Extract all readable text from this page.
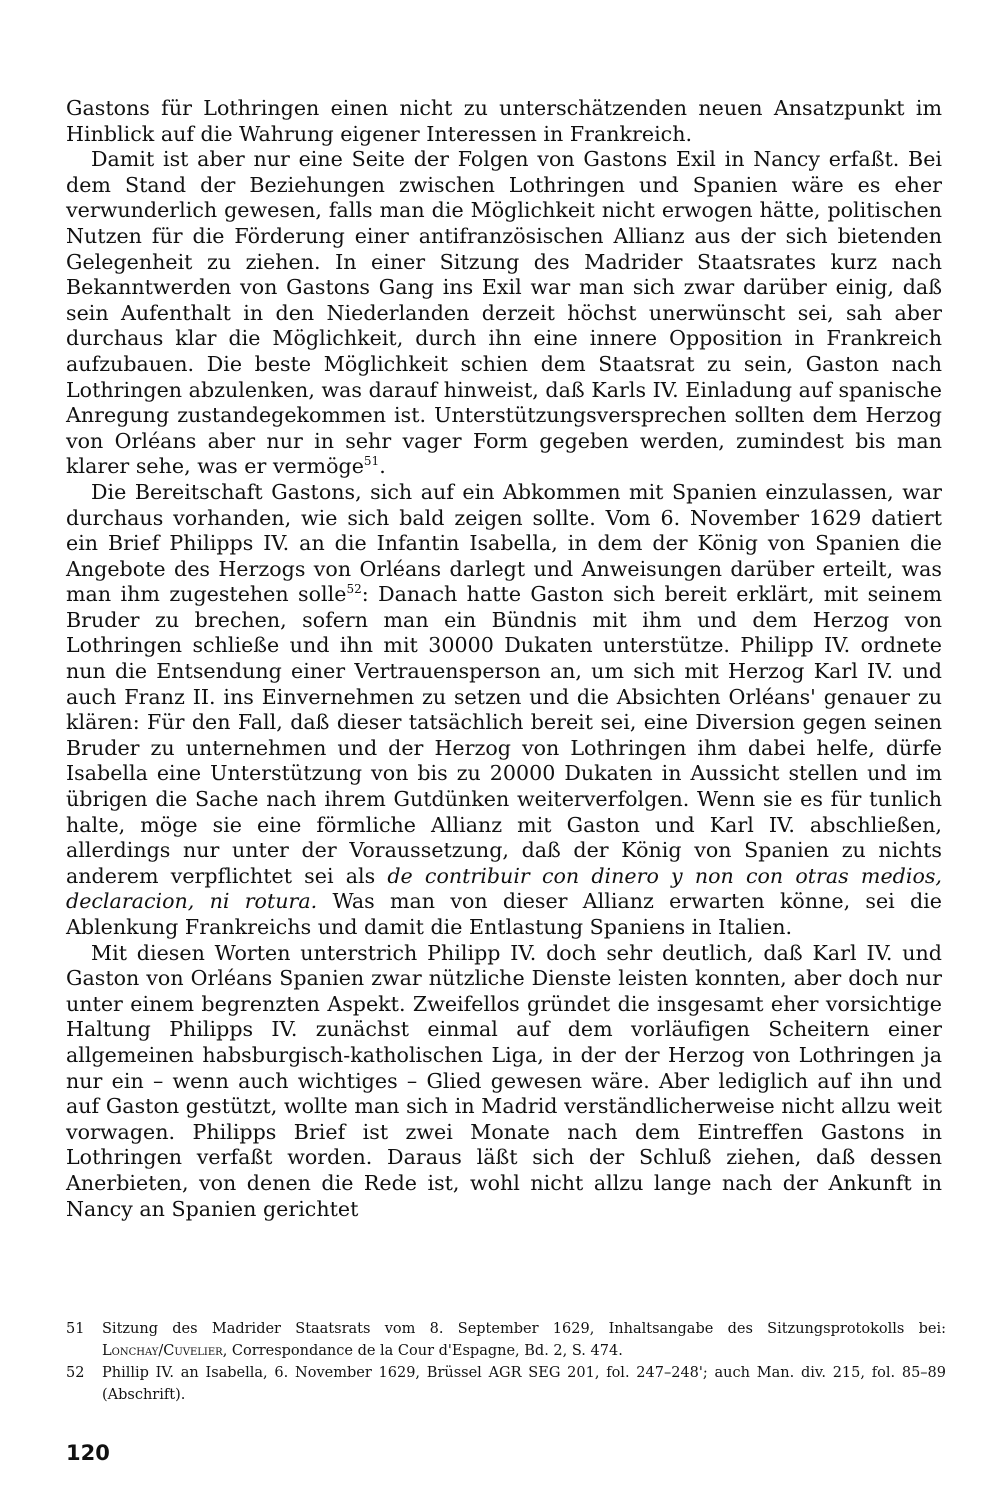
Gastons für Lothringen einen nicht zu unterschätzenden neuen Ansatzpunkt im Hinblick auf die Wahrung eigener Interessen in Frankreich.

Damit ist aber nur eine Seite der Folgen von Gastons Exil in Nancy erfaßt. Bei dem Stand der Beziehungen zwischen Lothringen und Spanien wäre es eher verwunderlich gewesen, falls man die Möglichkeit nicht erwogen hätte, politischen Nutzen für die Förderung einer antifranzösischen Allianz aus der sich bietenden Gelegenheit zu ziehen. In einer Sitzung des Madrider Staatsrates kurz nach Bekanntwerden von Gastons Gang ins Exil war man sich zwar darüber einig, daß sein Aufenthalt in den Niederlanden derzeit höchst unerwünscht sei, sah aber durchaus klar die Möglichkeit, durch ihn eine innere Opposition in Frankreich aufzubauen. Die beste Möglichkeit schien dem Staatsrat zu sein, Gaston nach Lothringen abzulenken, was darauf hinweist, daß Karls IV. Einladung auf spanische Anregung zustandegekommen ist. Unterstützungsversprechen sollten dem Herzog von Orléans aber nur in sehr vager Form gegeben werden, zumindest bis man klarer sehe, was er vermöge$^{51}$.

Die Bereitschaft Gastons, sich auf ein Abkommen mit Spanien einzulassen, war durchaus vorhanden, wie sich bald zeigen sollte. Vom 6. November 1629 datiert ein Brief Philipps IV. an die Infantin Isabella, in dem der König von Spanien die Angebote des Herzogs von Orléans darlegt und Anweisungen darüber erteilt, was man ihm zugestehen solle$^{52}$: Danach hatte Gaston sich bereit erklärt, mit seinem Bruder zu brechen, sofern man ein Bündnis mit ihm und dem Herzog von Lothringen schließe und ihn mit 30000 Dukaten unterstütze. Philipp IV. ordnete nun die Entsendung einer Vertrauensperson an, um sich mit Herzog Karl IV. und auch Franz II. ins Einvernehmen zu setzen und die Absichten Orléans' genauer zu klären: Für den Fall, daß dieser tatsächlich bereit sei, eine Diversion gegen seinen Bruder zu unternehmen und der Herzog von Lothringen ihm dabei helfe, dürfe Isabella eine Unterstützung von bis zu 20000 Dukaten in Aussicht stellen und im übrigen die Sache nach ihrem Gutdünken weiterverfolgen. Wenn sie es für tunlich halte, möge sie eine förmliche Allianz mit Gaston und Karl IV. abschließen, allerdings nur unter der Voraussetzung, daß der König von Spanien zu nichts anderem verpflichtet sei als de contribuir con dinero y non con otras medios, declaracion, ni rotura. Was man von dieser Allianz erwarten könne, sei die Ablenkung Frankreichs und damit die Entlastung Spaniens in Italien.

Mit diesen Worten unterstrich Philipp IV. doch sehr deutlich, daß Karl IV. und Gaston von Orléans Spanien zwar nützliche Dienste leisten konnten, aber doch nur unter einem begrenzten Aspekt. Zweifellos gründet die insgesamt eher vorsichtige Haltung Philipps IV. zunächst einmal auf dem vorläufigen Scheitern einer allgemeinen habsburgisch-katholischen Liga, in der der Herzog von Lothringen ja nur ein – wenn auch wichtiges – Glied gewesen wäre. Aber lediglich auf ihn und auf Gaston gestützt, wollte man sich in Madrid verständlicherweise nicht allzu weit vorwagen. Philipps Brief ist zwei Monate nach dem Eintreffen Gastons in Lothringen verfaßt worden. Daraus läßt sich der Schluß ziehen, daß dessen Anerbieten, von denen die Rede ist, wohl nicht allzu lange nach der Ankunft in Nancy an Spanien gerichtet

51	Sitzung des Madrider Staatsrats vom 8. September 1629, Inhaltsangabe des Sitzungsprotokolls bei: Lonchay/Cuvelier, Correspondance de la Cour d'Espagne, Bd. 2, S. 474.
52	Phillip IV. an Isabella, 6. November 1629, Brüssel AGR SEG 201, fol. 247–248'; auch Man. div. 215, fol. 85–89 (Abschrift).
120
